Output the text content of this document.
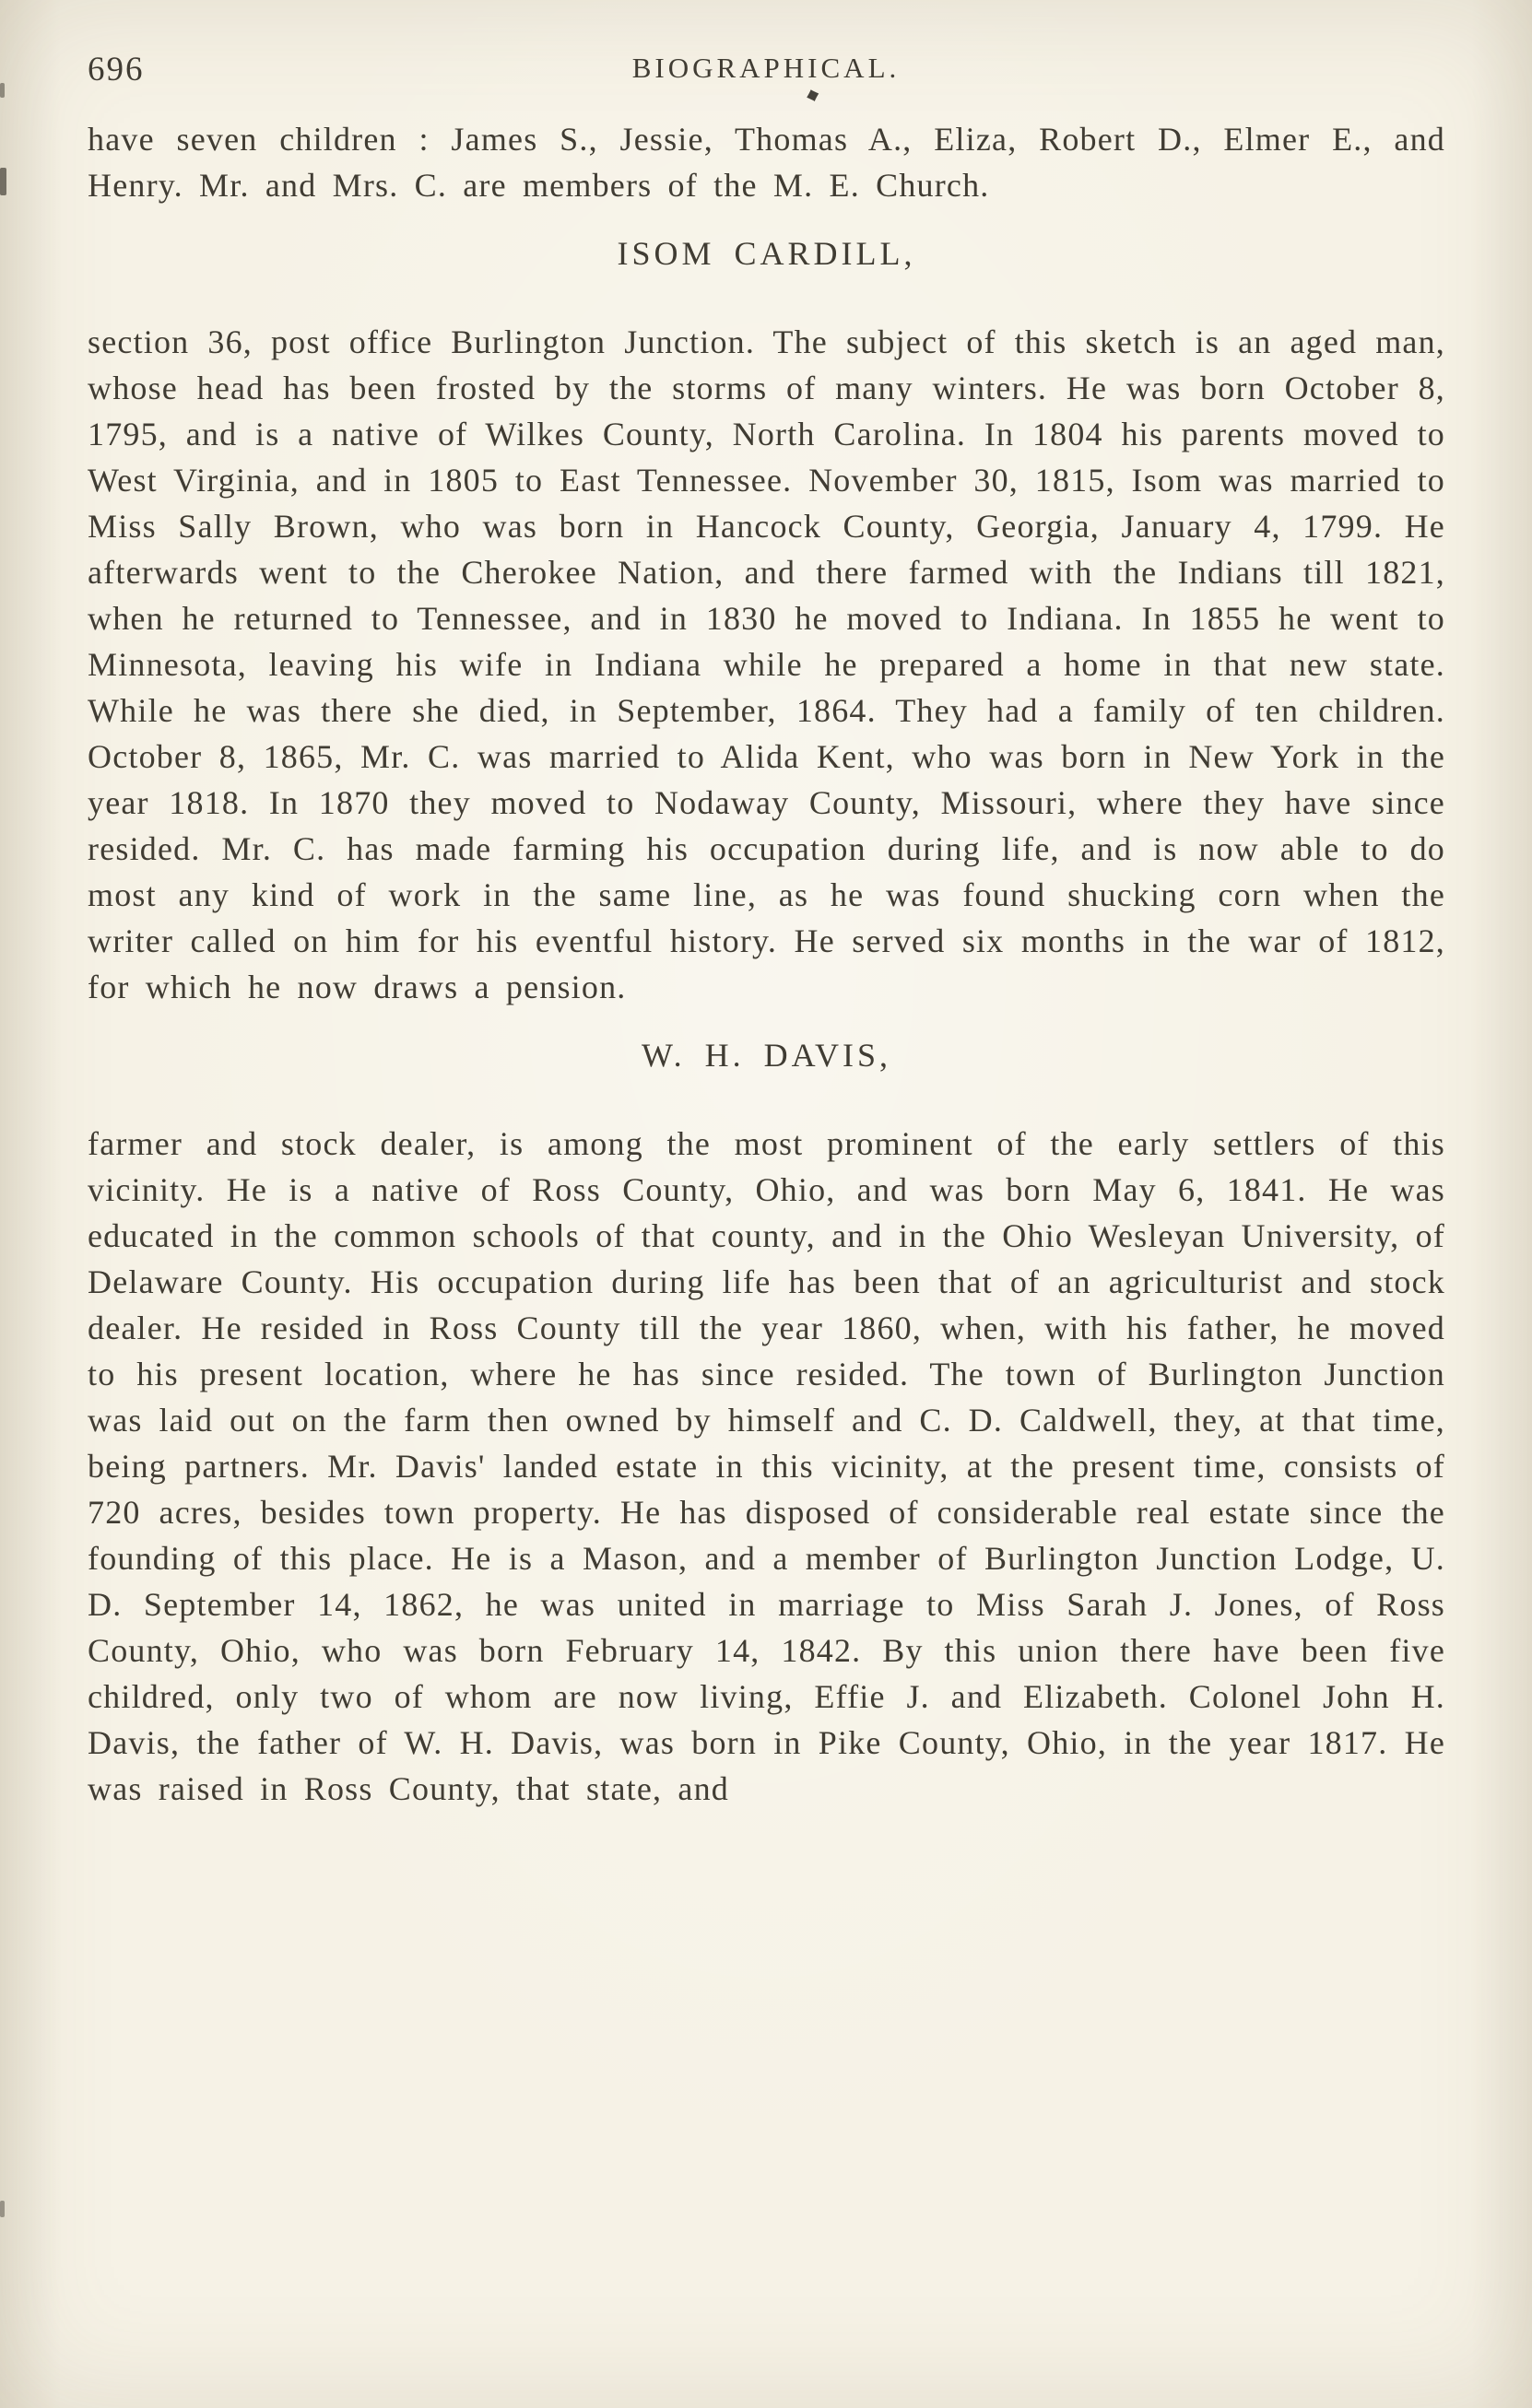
696	BIOGRAPHICAL.
♦

have seven children : James S., Jessie, Thomas A., Eliza, Robert D., Elmer E., and Henry. Mr. and Mrs. C. are members of the M. E. Church.

ISOM CARDILL,

section 36, post office Burlington Junction. The subject of this sketch is an aged man, whose head has been frosted by the storms of many winters. He was born October 8, 1795, and is a native of Wilkes County, North Carolina. In 1804 his parents moved to West Virginia, and in 1805 to East Tennessee. November 30, 1815, Isom was married to Miss Sally Brown, who was born in Hancock County, Georgia, January 4, 1799. He afterwards went to the Cherokee Nation, and there farmed with the Indians till 1821, when he returned to Tennessee, and in 1830 he moved to Indiana. In 1855 he went to Minnesota, leaving his wife in Indiana while he prepared a home in that new state. While he was there she died, in September, 1864. They had a family of ten children. October 8, 1865, Mr. C. was married to Alida Kent, who was born in New York in the year 1818. In 1870 they moved to Nodaway County, Missouri, where they have since resided. Mr. C. has made farming his occupation during life, and is now able to do most any kind of work in the same line, as he was found shucking corn when the writer called on him for his eventful history. He served six months in the war of 1812, for which he now draws a pension.

W. H. DAVIS,

farmer and stock dealer, is among the most prominent of the early settlers of this vicinity. He is a native of Ross County, Ohio, and was born May 6, 1841. He was educated in the common schools of that county, and in the Ohio Wesleyan University, of Delaware County. His occupation during life has been that of an agriculturist and stock dealer. He resided in Ross County till the year 1860, when, with his father, he moved to his present location, where he has since resided. The town of Burlington Junction was laid out on the farm then owned by himself and C. D. Caldwell, they, at that time, being partners. Mr. Davis' landed estate in this vicinity, at the present time, consists of 720 acres, besides town property. He has disposed of considerable real estate since the founding of this place. He is a Mason, and a member of Burlington Junction Lodge, U. D. September 14, 1862, he was united in marriage to Miss Sarah J. Jones, of Ross County, Ohio, who was born February 14, 1842. By this union there have been five childred, only two of whom are now living, Effie J. and Elizabeth. Colonel John H. Davis, the father of W. H. Davis, was born in Pike County, Ohio, in the year 1817. He was raised in Ross County, that state, and
